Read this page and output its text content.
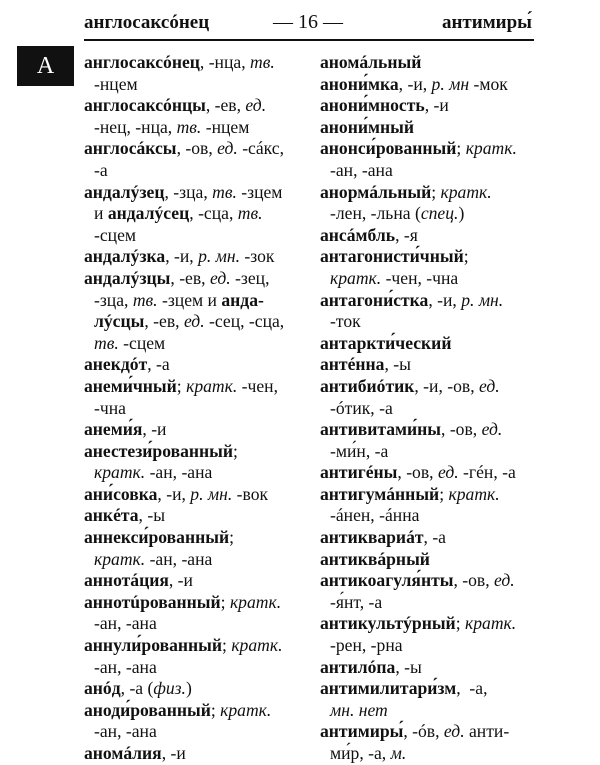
англосаксóнец	— 16 —	антимиры́
А	англосаксóнец, -нца, тв.
-нцем
англосаксóнцы, -ев, ед.
-нец, -нца, тв. -нцем
англосáксы, -ов, ед. -сáкс,
-а
андалýзец, -зца, тв. -зцем
и андалýсец, -сца, тв.
-сцем
андалýзка, -и, р. мн. -зок
андалýзцы, -ев, ед. -зец,
-зца, тв. -зцем и анда-
лýсцы, -ев, ед. -сец, -сца,
тв. -сцем
анекдóт, -а
анеми́чный; кратк. -чен,
-чна
анеми́я, -и
анестези́рованный;
кратк. -ан, -ана
ани́совка, -и, р. мн. -вок
анкéта, -ы
аннекси́рованный;
кратк. -ан, -ана
аннотáция, -и
аннотúрованный; кратк.
-ан, -ана
аннули́рованный; кратк.
-ан, -ана
анóд, -а (физ.)
аноди́рованный; кратк.
-ан, -ана
аномáлия, -и
аномáльный
анони́мка, -и, р. мн -мок
анони́мность, -и
анони́мный
анонси́рованный; кратк.
-ан, -ана
анормáльный; кратк.
-лен, -льна (спец.)
ансáмбль, -я
антагонисти́чный;
кратк. -чен, -чна
антагони́стка, -и, р. мн.
-ток
антаркти́ческий
антéнна, -ы
антибиóтик, -и, -ов, ед.
-óтик, -а
антивитами́ны, -ов, ед.
-ми́н, -а
антигéны, -ов, ед. -гéн, -а
антигумáнный; кратк.
-áнен, -áнна
антиквариáт, -а
антиквáрный
антикоагуля́нты, -ов, ед.
-я́нт, -а
антикультýрный; кратк.
-рен, -рна
антилóпа, -ы
антимилитари́зм,  -а,
мн. нет
антимиры́, -óв, ед. анти-
ми́р, -а, м.
